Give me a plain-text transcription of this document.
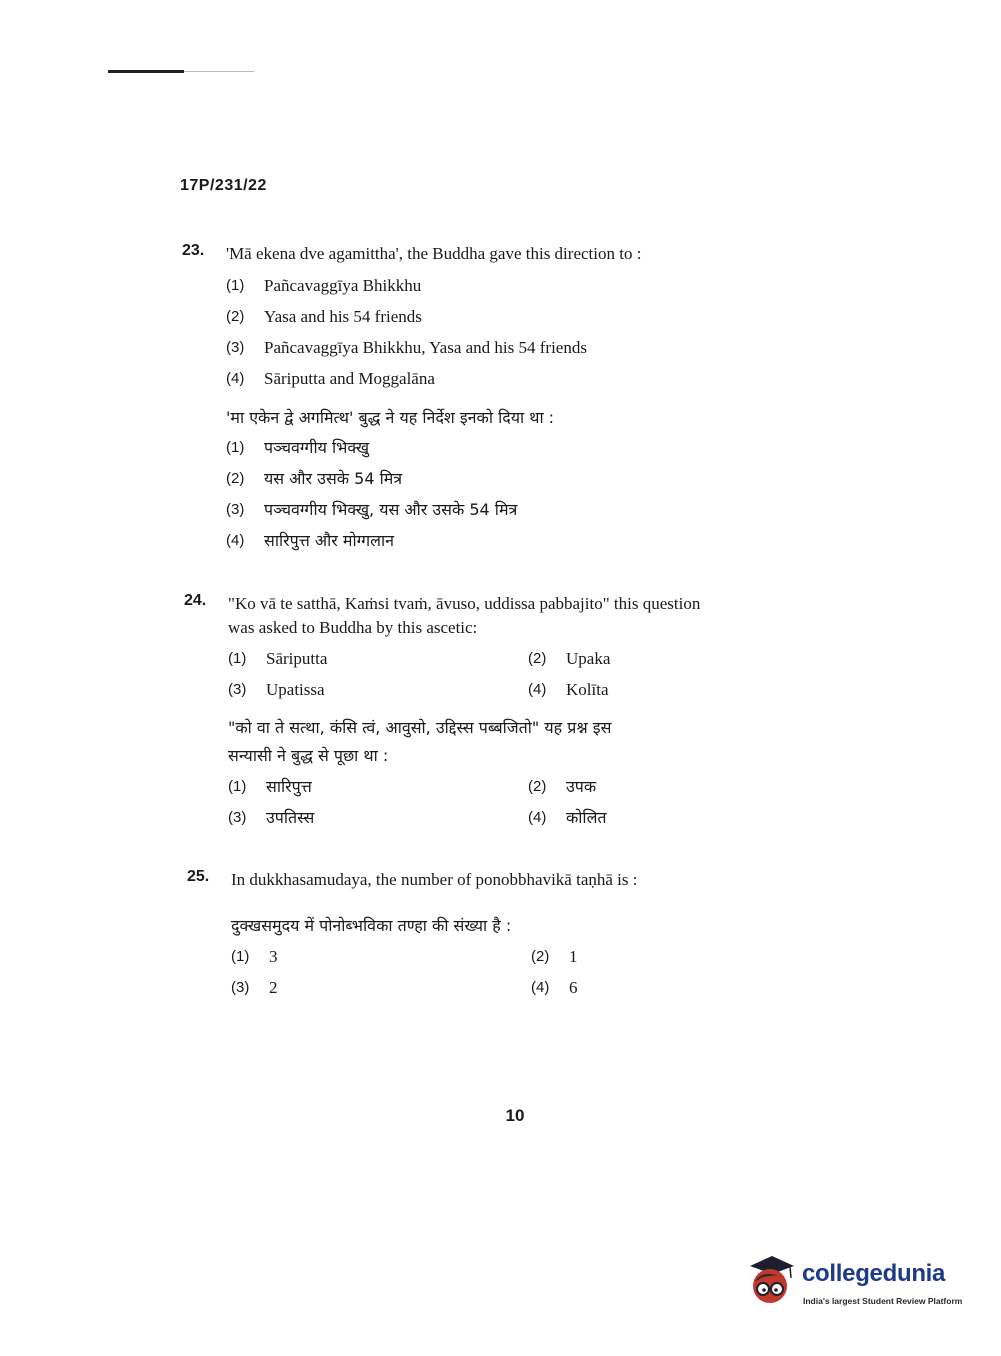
17P/231/22
23. 'Mā ekena dve agamittha', the Buddha gave this direction to :
(1)	Pañcavaggīya Bhikkhu
(2)	Yasa and his 54 friends
(3)	Pañcavaggīya Bhikkhu, Yasa and his 54 friends
(4)	Sāriputta and Moggalāna
'मा एकेन द्वे अगमित्थ' बुद्ध ने यह निर्देश इनको दिया था :
(1)	पञ्चवग्गीय भिक्खु
(2)	यस और उसके 54 मित्र
(3)	पञ्चवग्गीय भिक्खु, यस और उसके 54 मित्र
(4)	सारिपुत्त और मोग्गलान
24. "Ko vā te satthā, Kaṁsi tvaṁ, āvuso, uddissa pabbajito" this question
was asked to Buddha by this ascetic:
(1)	Sāriputta	(2)	Upaka
(3)	Upatissa	(4)	Kolīta
"को वा ते सत्था, कंसि त्वं, आवुसो, उद्दिस्स पब्बजितो" यह प्रश्न इस
सन्यासी ने बुद्ध से पूछा था :
(1)	सारिपुत्त	(2)	उपक
(3)	उपतिस्स	(4)	कोलित
25. In dukkhasamudaya, the number of ponobbhavikā taṇhā is :
दुक्खसमुदय में पोनोब्भविका तण्हा की संख्या है :
(1)	3	(2)	1
(3)	2	(4)	6
10
collegedunia
India's largest Student Review Platform
